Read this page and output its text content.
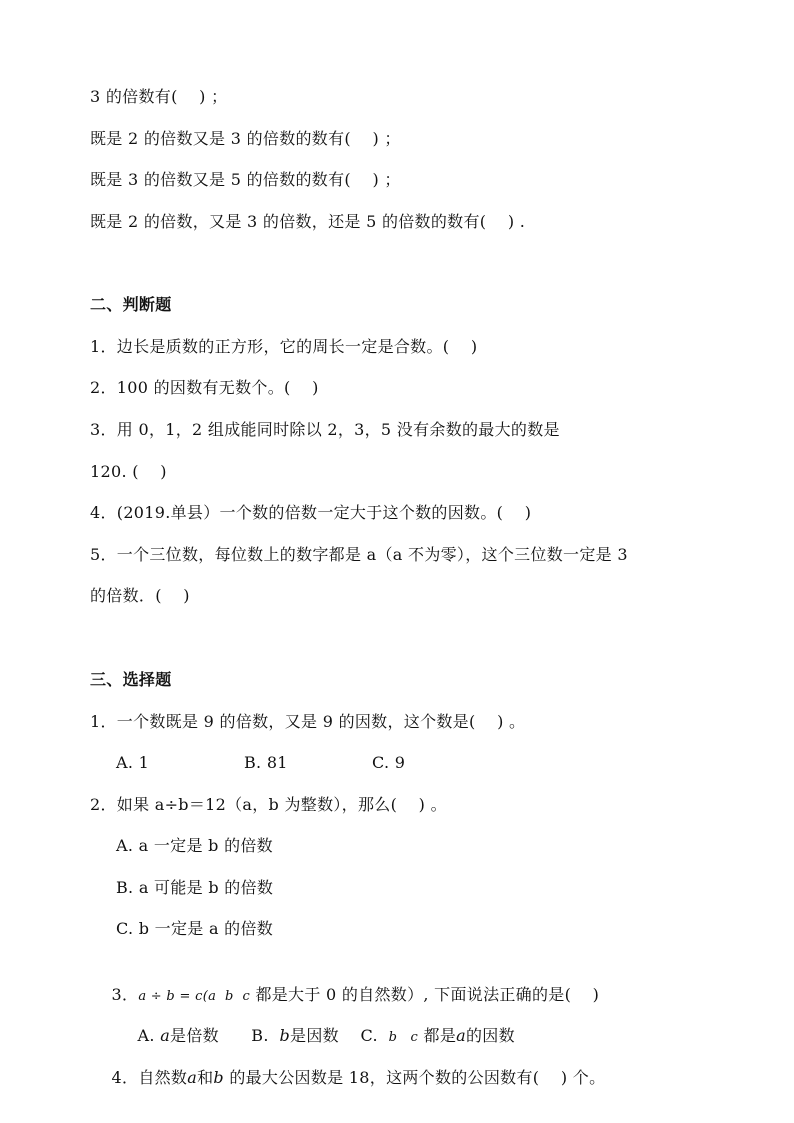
3 的倍数有(    ) ；
既是 2 的倍数又是 3 的倍数的数有(    ) ；
既是 3 的倍数又是 5 的倍数的数有(    ) ；
既是 2 的倍数，又是 3 的倍数，还是 5 的倍数的数有(    ) .
二、判断题
1．边长是质数的正方形，它的周长一定是合数。(    )
2．100 的因数有无数个。(    )
3．用 0，1，2 组成能同时除以 2，3，5 没有余数的最大的数是
120. (    )
4．(2019.单县）一个数的倍数一定大于这个数的因数。(    )
5．一个三位数，每位数上的数字都是 a（a 不为零），这个三位数一定是 3
的倍数．(    )
三、选择题
1．一个数既是 9 的倍数，又是 9 的因数，这个数是(    ) 。
A. 1	B. 81	C. 9
2．如果 a÷b＝12（a，b 为整数），那么(    ) 。
A. a 一定是 b 的倍数
B. a 可能是 b 的倍数
C. b 一定是 a 的倍数

3．a ÷ b = c(a  b  c 都是大于 0 的自然数）, 下面说法正确的是(    )

A. a是倍数 B. b是因数 C. b   c 都是a的因数

4．自然数a和b 的最大公因数是 18，这两个数的公因数有(    ) 个。
